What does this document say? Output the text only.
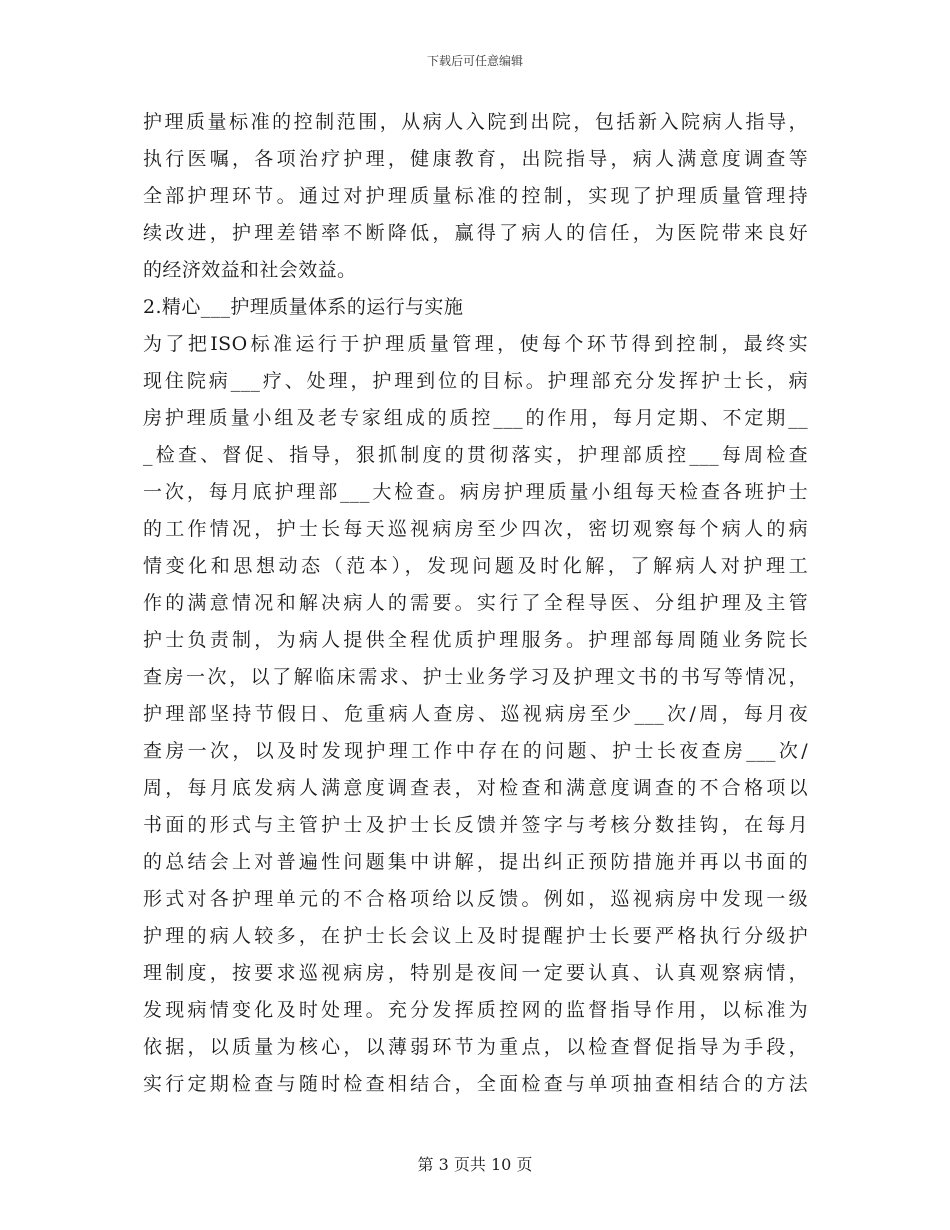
下载后可任意编辑
护理质量标准的控制范围，从病人入院到出院，包括新入院病人指导，
执行医嘱，各项治疗护理，健康教育，出院指导，病人满意度调查等
全部护理环节。通过对护理质量标准的控制，实现了护理质量管理持
续改进，护理差错率不断降低，赢得了病人的信任，为医院带来良好
的经济效益和社会效益。
2.精心___护理质量体系的运行与实施
为了把ISO标准运行于护理质量管理，使每个环节得到控制，最终实
现住院病___疗、处理，护理到位的目标。护理部充分发挥护士长，病
房护理质量小组及老专家组成的质控___的作用，每月定期、不定期__
_检查、督促、指导，狠抓制度的贯彻落实，护理部质控___每周检查
一次，每月底护理部___大检查。病房护理质量小组每天检查各班护士
的工作情况，护士长每天巡视病房至少四次，密切观察每个病人的病
情变化和思想动态（范本），发现问题及时化解，了解病人对护理工
作的满意情况和解决病人的需要。实行了全程导医、分组护理及主管
护士负责制，为病人提供全程优质护理服务。护理部每周随业务院长
查房一次，以了解临床需求、护士业务学习及护理文书的书写等情况，
护理部坚持节假日、危重病人查房、巡视病房至少___次/周，每月夜
查房一次，以及时发现护理工作中存在的问题、护士长夜查房___次/
周，每月底发病人满意度调查表，对检查和满意度调查的不合格项以
书面的形式与主管护士及护士长反馈并签字与考核分数挂钩，在每月
的总结会上对普遍性问题集中讲解，提出纠正预防措施并再以书面的
形式对各护理单元的不合格项给以反馈。例如，巡视病房中发现一级
护理的病人较多，在护士长会议上及时提醒护士长要严格执行分级护
理制度，按要求巡视病房，特别是夜间一定要认真、认真观察病情，
发现病情变化及时处理。充分发挥质控网的监督指导作用，以标准为
依据，以质量为核心，以薄弱环节为重点，以检查督促指导为手段，
实行定期检查与随时检查相结合，全面检查与单项抽查相结合的方法
第 3 页共 10 页
